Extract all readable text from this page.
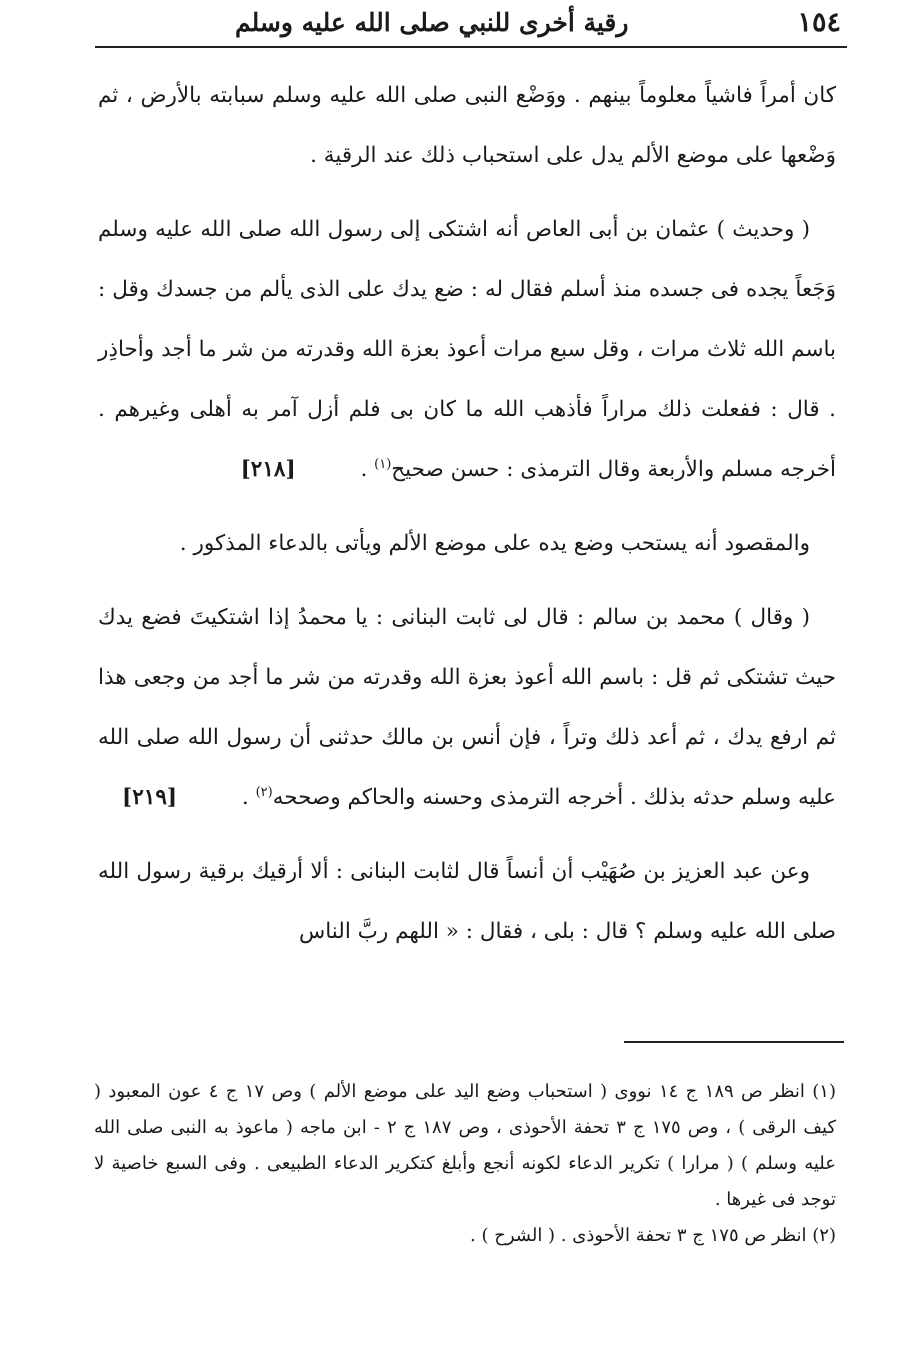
١٥٤
رقية أخرى للنبي صلى الله عليه وسلم

كان أمراً فاشياً معلوماً بينهم . ووَضْع النبى صلى الله عليه وسلم سبابته بالأرض ، ثم وَضْعها على موضع الألم يدل على استحباب ذلك عند الرقية .

( وحديث ) عثمان بن أبى العاص أنه اشتكى إلى رسول الله صلى الله عليه وسلم وَجَعاً يجده فى جسده منذ أسلم فقال له : ضع يدك على الذى يألم من جسدك وقل : باسم الله ثلاث مرات ، وقل سبع مرات أعوذ بعزة الله وقدرته من شر ما أجد وأحاذِر . قال : ففعلت ذلك مراراً فأذهب الله ما كان بى فلم أزل آمر به أهلى وغيرهم . أخرجه مسلم والأربعة وقال الترمذى : حسن صحيح$^{(١)}$ . [٢١٨]

والمقصود أنه يستحب وضع يده على موضع الألم ويأتى بالدعاء المذكور .

( وقال ) محمد بن سالم : قال لى ثابت البنانى : يا محمدُ إذا اشتكيتَ فضع يدك حيث تشتكى ثم قل : باسم الله أعوذ بعزة الله وقدرته من شر ما أجد من وجعى هذا ثم ارفع يدك ، ثم أعد ذلك وتراً ، فإن أنس بن مالك حدثنى أن رسول الله صلى الله عليه وسلم حدثه بذلك . أخرجه الترمذى وحسنه والحاكم وصححه$^{(٢)}$ . [٢١٩]

وعن عبد العزيز بن صُهَيْب أن أنساً قال لثابت البنانى : ألا أرقيك برقية رسول الله صلى الله عليه وسلم ؟ قال : بلى ، فقال : « اللهم ربَّ الناس

(١) انظر ص ١٨٩ ج ١٤ نووى ( استحباب وضع اليد على موضع الألم ) وص ١٧ ج ٤ عون المعبود ( كيف الرقى ) ، وص ١٧٥ ج ٣ تحفة الأحوذى ، وص ١٨٧ ج ٢ - ابن ماجه ( ماعوذ به النبى صلى الله عليه وسلم ) ( مرارا ) تكرير الدعاء لكونه أنجع وأبلغ كتكرير الدعاء الطبيعى . وفى السبع خاصية لا توجد فى غيرها .

(٢) انظر ص ١٧٥ ج ٣ تحفة الأحوذى . ( الشرح ) .
